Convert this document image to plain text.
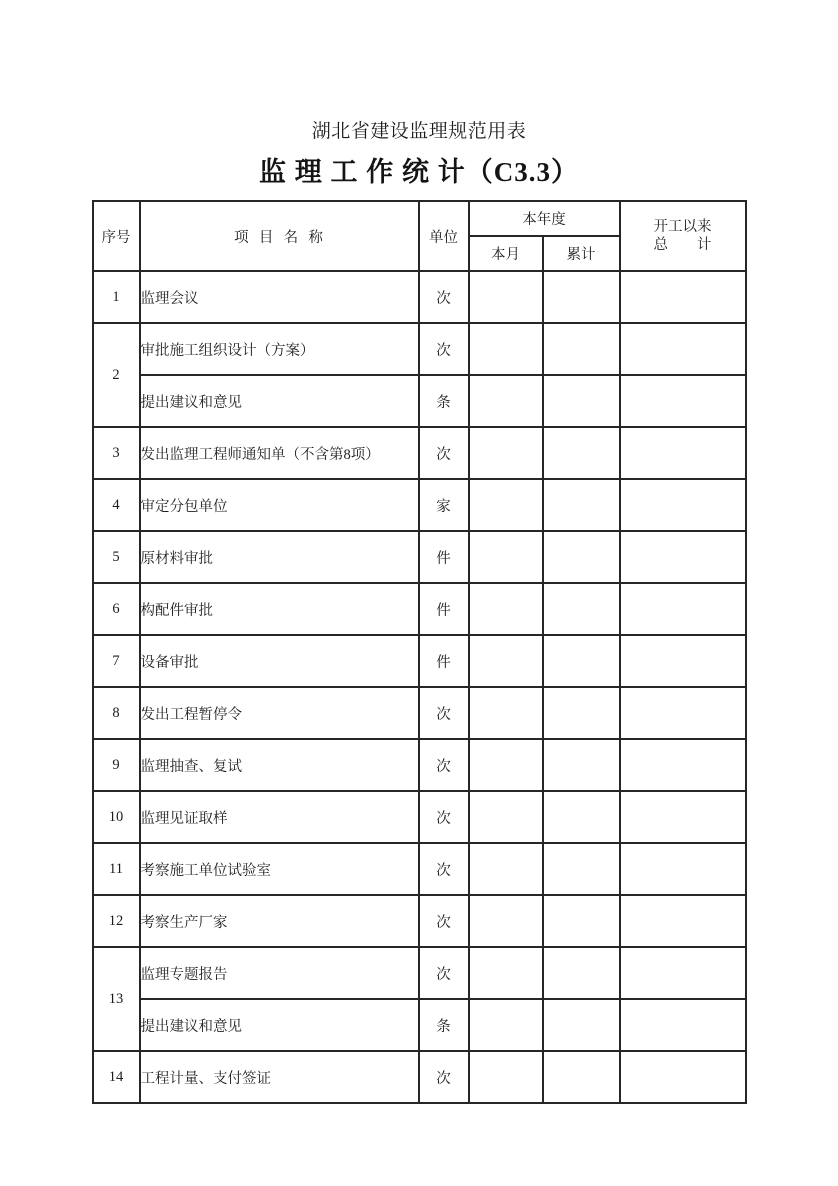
湖北省建设监理规范用表
监 理 工 作 统 计（C3.3）
序号	项  目  名  称	单位	本年度		开工以来
总        计
			本月	累计	
1	监理会议	次			
2	审批施工组织设计（方案）	次			
	提出建议和意见	条			
3	发出监理工程师通知单（不含第8项）	次			
4	审定分包单位	家			
5	原材料审批	件			
6	构配件审批	件			
7	设备审批	件			
8	发出工程暂停令	次			
9	监理抽查、复试	次			
10	监理见证取样	次			
11	考察施工单位试验室	次			
12	考察生产厂家	次			
13	监理专题报告	次			
	提出建议和意见	条			
14	工程计量、支付签证	次			
